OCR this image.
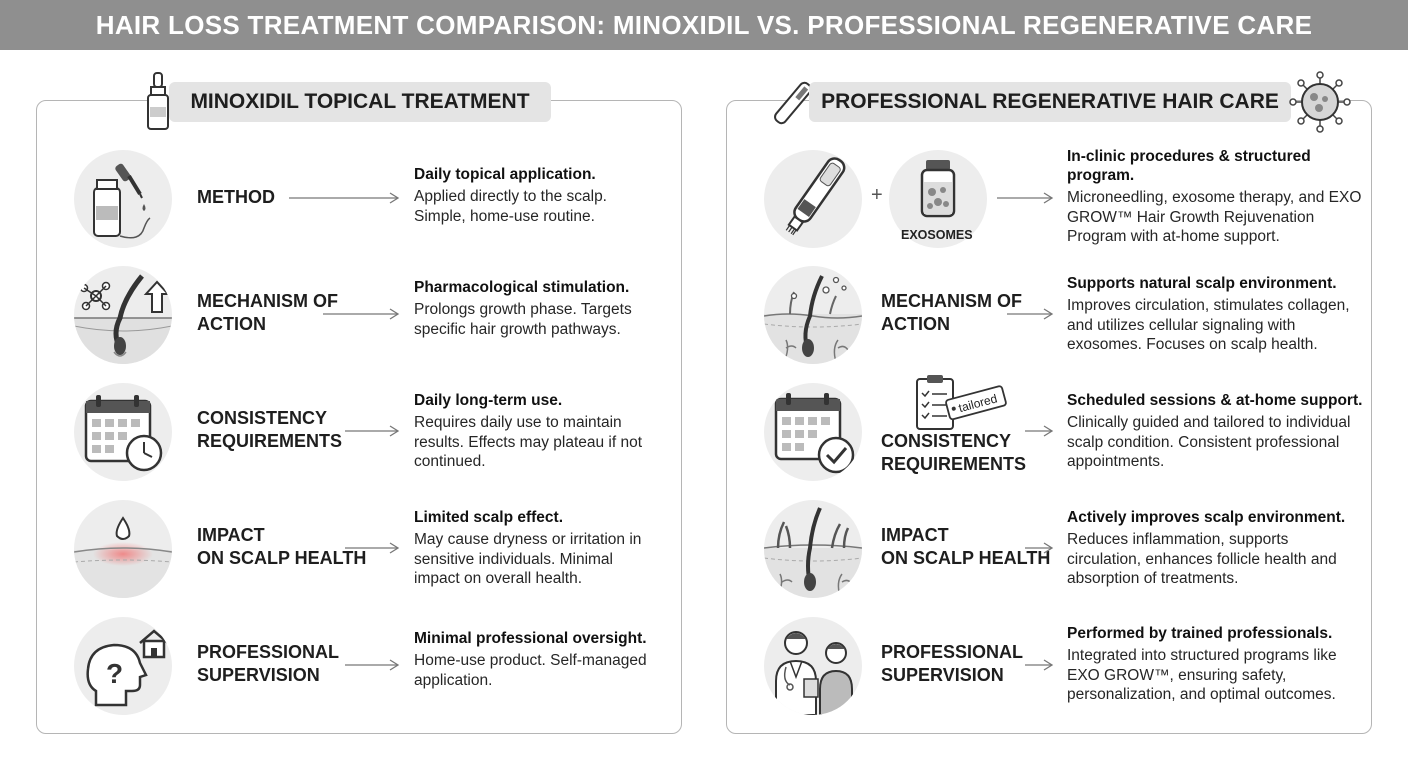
HAIR LOSS TREATMENT COMPARISON: MINOXIDIL VS. PROFESSIONAL REGENERATIVE CARE
MINOXIDIL TOPICAL TREATMENT
METHOD
Daily topical application.
Applied directly to the scalp. Simple, home-use routine.
MECHANISM OF
ACTION
Pharmacological stimulation.
Prolongs growth phase. Targets specific hair growth pathways.
CONSISTENCY
REQUIREMENTS
Daily long-term use.
Requires daily use to maintain results. Effects may plateau if not continued.
IMPACT
ON SCALP HEALTH
Limited scalp effect.
May cause dryness or irritation in sensitive individuals. Minimal impact on overall health.
?
PROFESSIONAL
SUPERVISION
Minimal professional oversight.
Home-use product. Self-managed application.
PROFESSIONAL REGENERATIVE HAIR CARE
+
EXOSOMES
In-clinic procedures & structured program.
Microneedling, exosome therapy, and EXO GROW™ Hair Growth Rejuvenation Program with at-home support.
MECHANISM OF
ACTION
Supports natural scalp environment.
Improves circulation, stimulates collagen, and utilizes cellular signaling with exosomes. Focuses on scalp health.
tailored
CONSISTENCY
REQUIREMENTS
Scheduled sessions & at-home support.
Clinically guided and tailored to individual scalp condition. Consistent professional appointments.
IMPACT
ON SCALP HEALTH
Actively improves scalp environment.
Reduces inflammation, supports circulation, enhances follicle health and absorption of treatments.
PROFESSIONAL
SUPERVISION
Performed by trained professionals.
Integrated into structured programs like EXO GROW™, ensuring safety, personalization, and optimal outcomes.
